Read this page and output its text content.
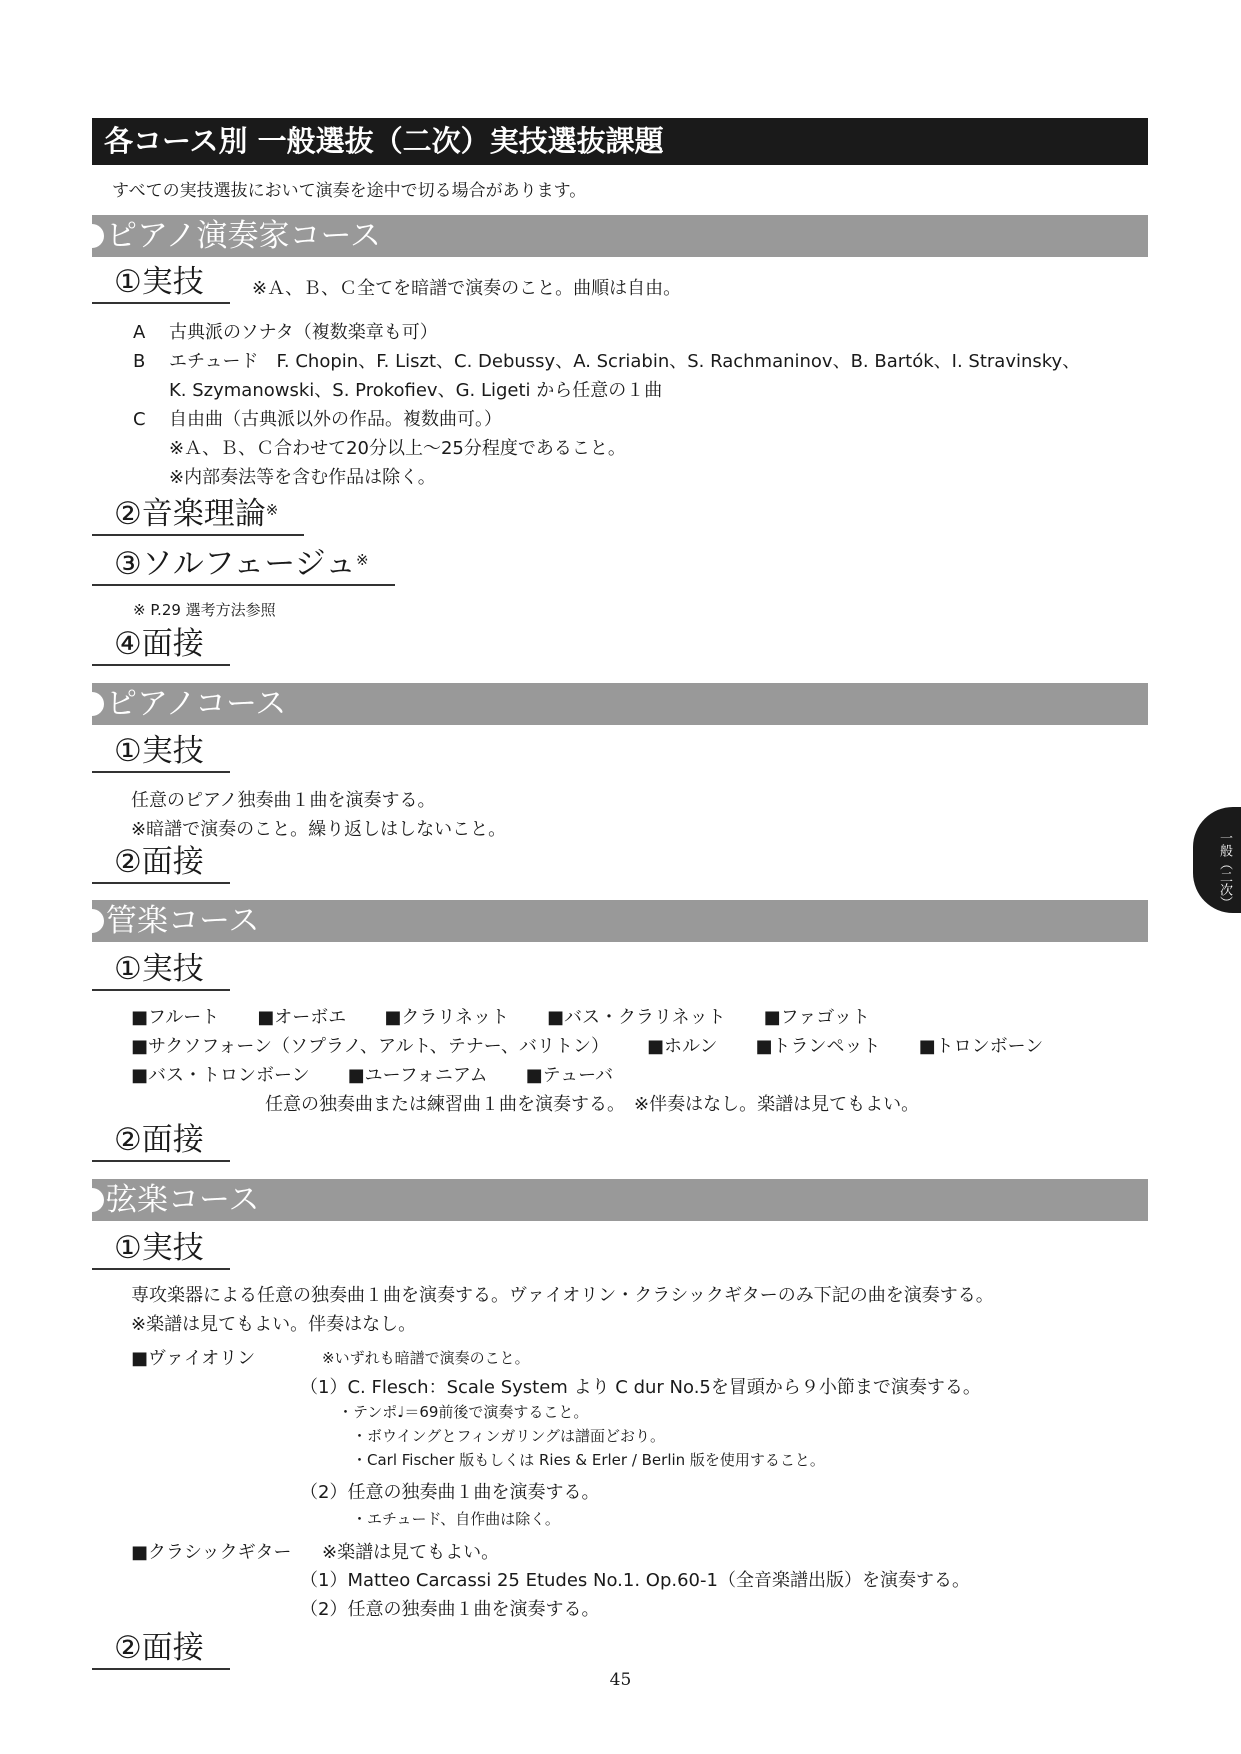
各コース別 一般選抜（二次）実技選抜課題
すべての実技選抜において演奏を途中で切る場合があります。
ピアノ演奏家コース
①実技	※Ａ、Ｂ、Ｃ全てを暗譜で演奏のこと。曲順は自由。
A 古典派のソナタ（複数楽章も可）
B エチュード　F. Chopin、F. Liszt、C. Debussy、A. Scriabin、S. Rachmaninov、B. Bartók、I. Stravinsky、
K. Szymanowski、S. Prokofiev、G. Ligeti から任意の１曲
C 自由曲（古典派以外の作品。複数曲可。）
※Ａ、Ｂ、Ｃ合わせて20分以上～25分程度であること。
※内部奏法等を含む作品は除く。
②音楽理論※
③ソルフェージュ※
※ P.29 選考方法参照
④面接
ピアノコース
①実技
任意のピアノ独奏曲１曲を演奏する。
※暗譜で演奏のこと。繰り返しはしないこと。
②面接
管楽コース
①実技
■フルート ■オーボエ ■クラリネット ■バス・クラリネット ■ファゴット
■サクソフォーン（ソプラノ、アルト、テナー、バリトン） ■ホルン ■トランペット ■トロンボーン
■バス・トロンボーン ■ユーフォニアム ■テューバ
任意の独奏曲または練習曲１曲を演奏する。　※伴奏はなし。楽譜は見てもよい。
②面接
弦楽コース
①実技
専攻楽器による任意の独奏曲１曲を演奏する。ヴァイオリン・クラシックギターのみ下記の曲を演奏する。
※楽譜は見てもよい。伴奏はなし。
■ヴァイオリン	※いずれも暗譜で演奏のこと。
（1）C. Flesch：Scale System より C dur No.5を冒頭から９小節まで演奏する。
・テンポ♩＝69前後で演奏すること。
・ボウイングとフィンガリングは譜面どおり。
・Carl Fischer 版もしくは Ries & Erler / Berlin 版を使用すること。
（2）任意の独奏曲１曲を演奏する。
・エチュード、自作曲は除く。
■クラシックギター ※楽譜は見てもよい。
（1）Matteo Carcassi 25 Etudes No.1. Op.60-1（全音楽譜出版）を演奏する。
（2）任意の独奏曲１曲を演奏する。
②面接
一般（二次）
45
